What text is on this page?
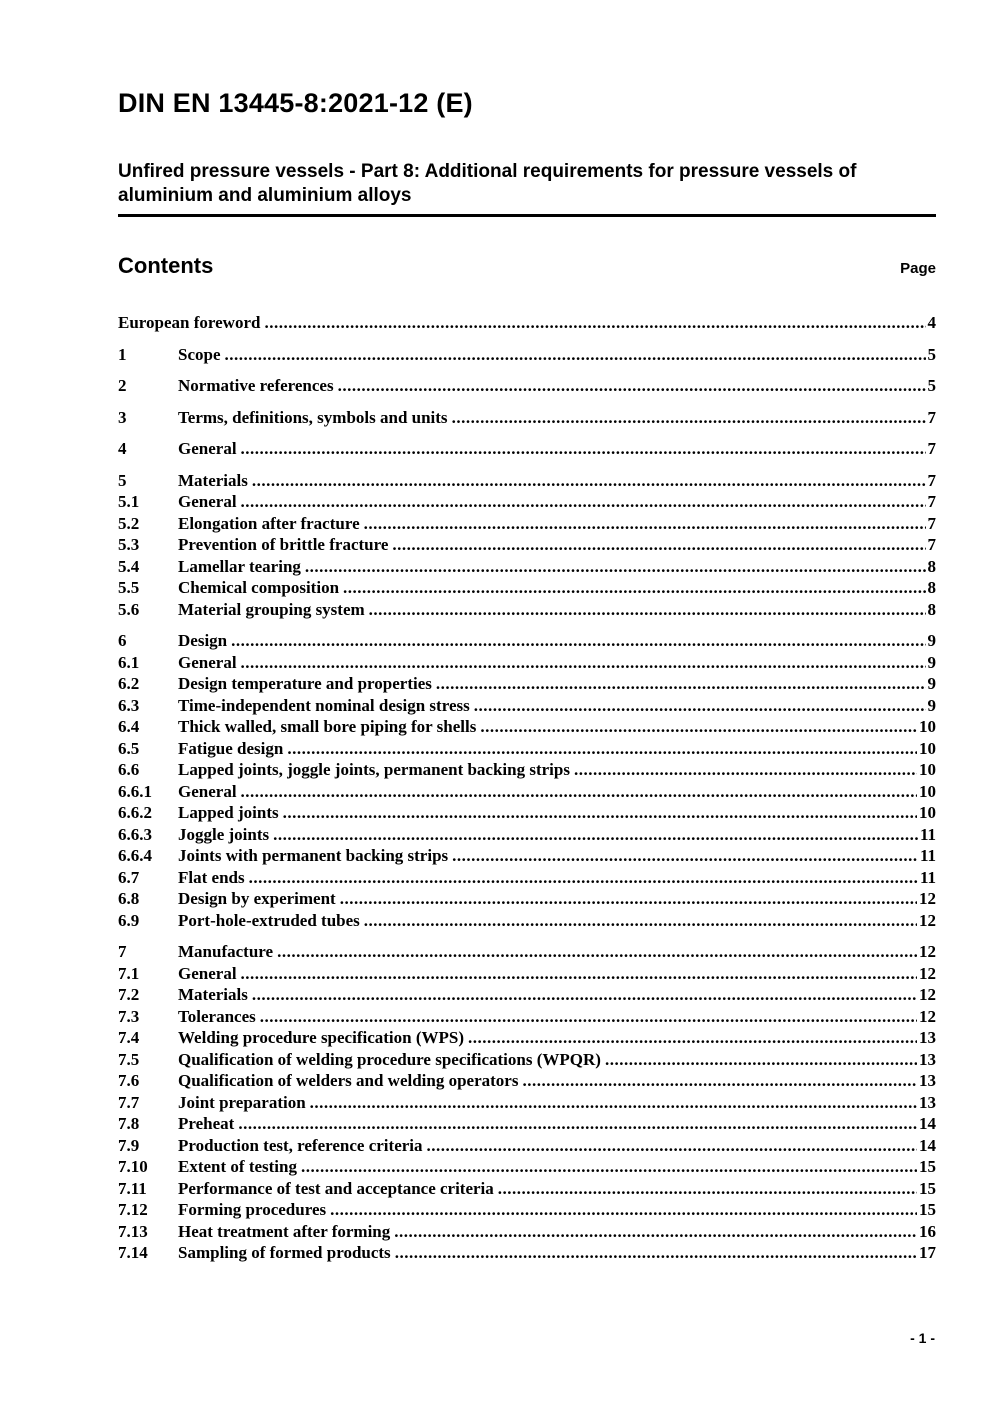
DIN EN 13445-8:2021-12 (E)
Unfired pressure vessels - Part 8: Additional requirements for pressure vessels of aluminium and aluminium alloys
Contents	Page
European foreword .....	4
1	Scope .....	5
2	Normative references .....	5
3	Terms, definitions, symbols and units .....	7
4	General .....	7
5	Materials .....	7
5.1	General .....	7
5.2	Elongation after fracture .....	7
5.3	Prevention of brittle fracture .....	7
5.4	Lamellar tearing .....	8
5.5	Chemical composition .....	8
5.6	Material grouping system .....	8
6	Design .....	9
6.1	General .....	9
6.2	Design temperature and properties .....	9
6.3	Time-independent nominal design stress .....	9
6.4	Thick walled, small bore piping for shells .....	10
6.5	Fatigue design .....	10
6.6	Lapped joints, joggle joints, permanent backing strips .....	10
6.6.1	General .....	10
6.6.2	Lapped joints .....	10
6.6.3	Joggle joints .....	11
6.6.4	Joints with permanent backing strips .....	11
6.7	Flat ends .....	11
6.8	Design by experiment .....	12
6.9	Port-hole-extruded tubes .....	12
7	Manufacture .....	12
7.1	General .....	12
7.2	Materials .....	12
7.3	Tolerances .....	12
7.4	Welding procedure specification (WPS) .....	13
7.5	Qualification of welding procedure specifications (WPQR) .....	13
7.6	Qualification of welders and welding operators .....	13
7.7	Joint preparation .....	13
7.8	Preheat .....	14
7.9	Production test, reference criteria .....	14
7.10	Extent of testing .....	15
7.11	Performance of test and acceptance criteria .....	15
7.12	Forming procedures .....	15
7.13	Heat treatment after forming .....	16
7.14	Sampling of formed products .....	17
- 1 -
